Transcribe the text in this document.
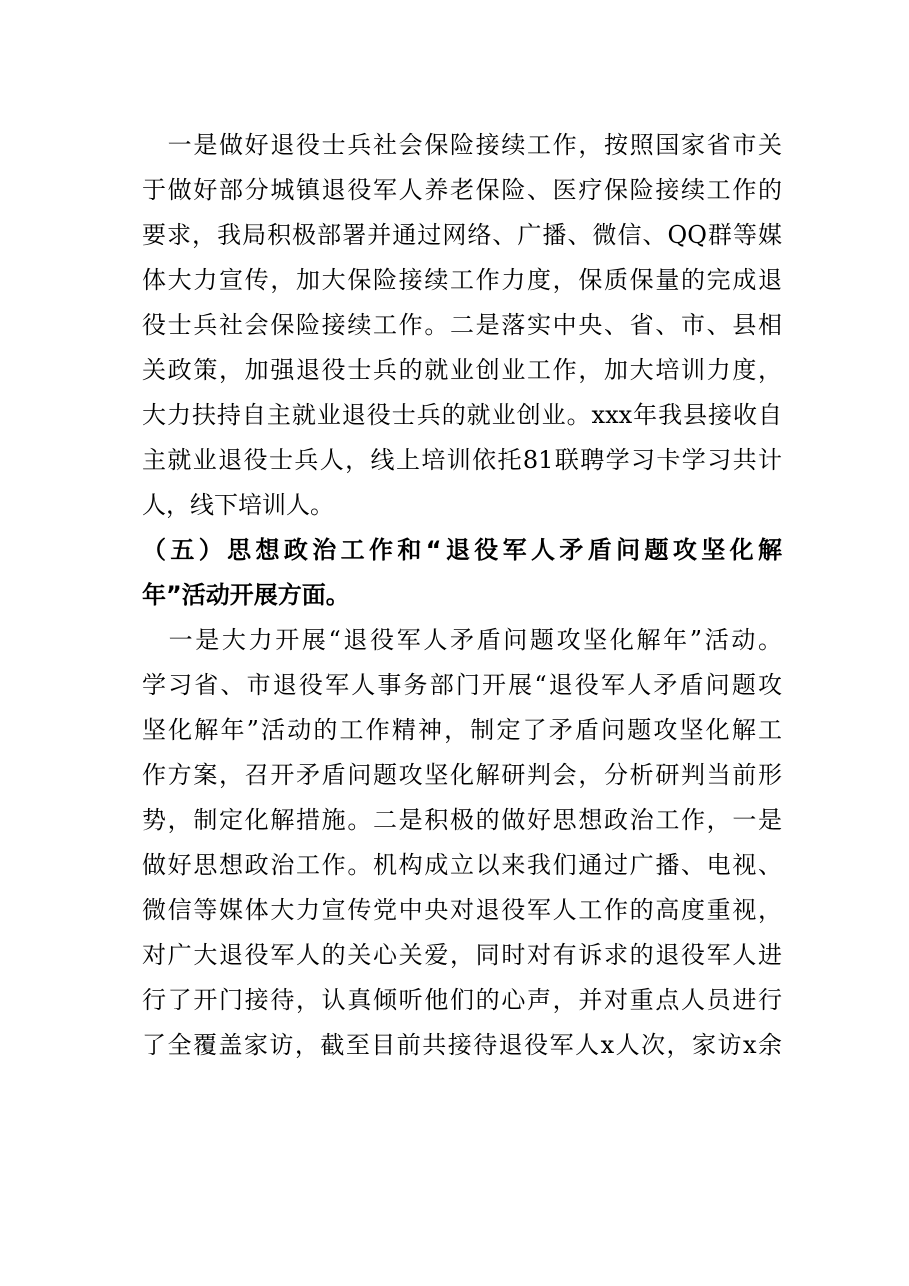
　一是做好退役士兵社会保险接续工作，按照国家省市关
于做好部分城镇退役军人养老保险、医疗保险接续工作的
要求，我局积极部署并通过网络、广播、微信、QQ群等媒
体大力宣传，加大保险接续工作力度，保质保量的完成退
役士兵社会保险接续工作。二是落实中央、省、市、县相
关政策，加强退役士兵的就业创业工作，加大培训力度，
大力扶持自主就业退役士兵的就业创业。xxx年我县接收自
主就业退役士兵人，线上培训依托81联聘学习卡学习共计
人，线下培训人。
（五）思想政治工作和“退役军人矛盾问题攻坚化解
年”活动开展方面。
　一是大力开展“退役军人矛盾问题攻坚化解年”活动。
学习省、市退役军人事务部门开展“退役军人矛盾问题攻
坚化解年”活动的工作精神，制定了矛盾问题攻坚化解工
作方案，召开矛盾问题攻坚化解研判会，分析研判当前形
势，制定化解措施。二是积极的做好思想政治工作，一是
做好思想政治工作。机构成立以来我们通过广播、电视、
微信等媒体大力宣传党中央对退役军人工作的高度重视，
对广大退役军人的关心关爱，同时对有诉求的退役军人进
行了开门接待，认真倾听他们的心声，并对重点人员进行
了全覆盖家访，截至目前共接待退役军人x人次，家访x余
